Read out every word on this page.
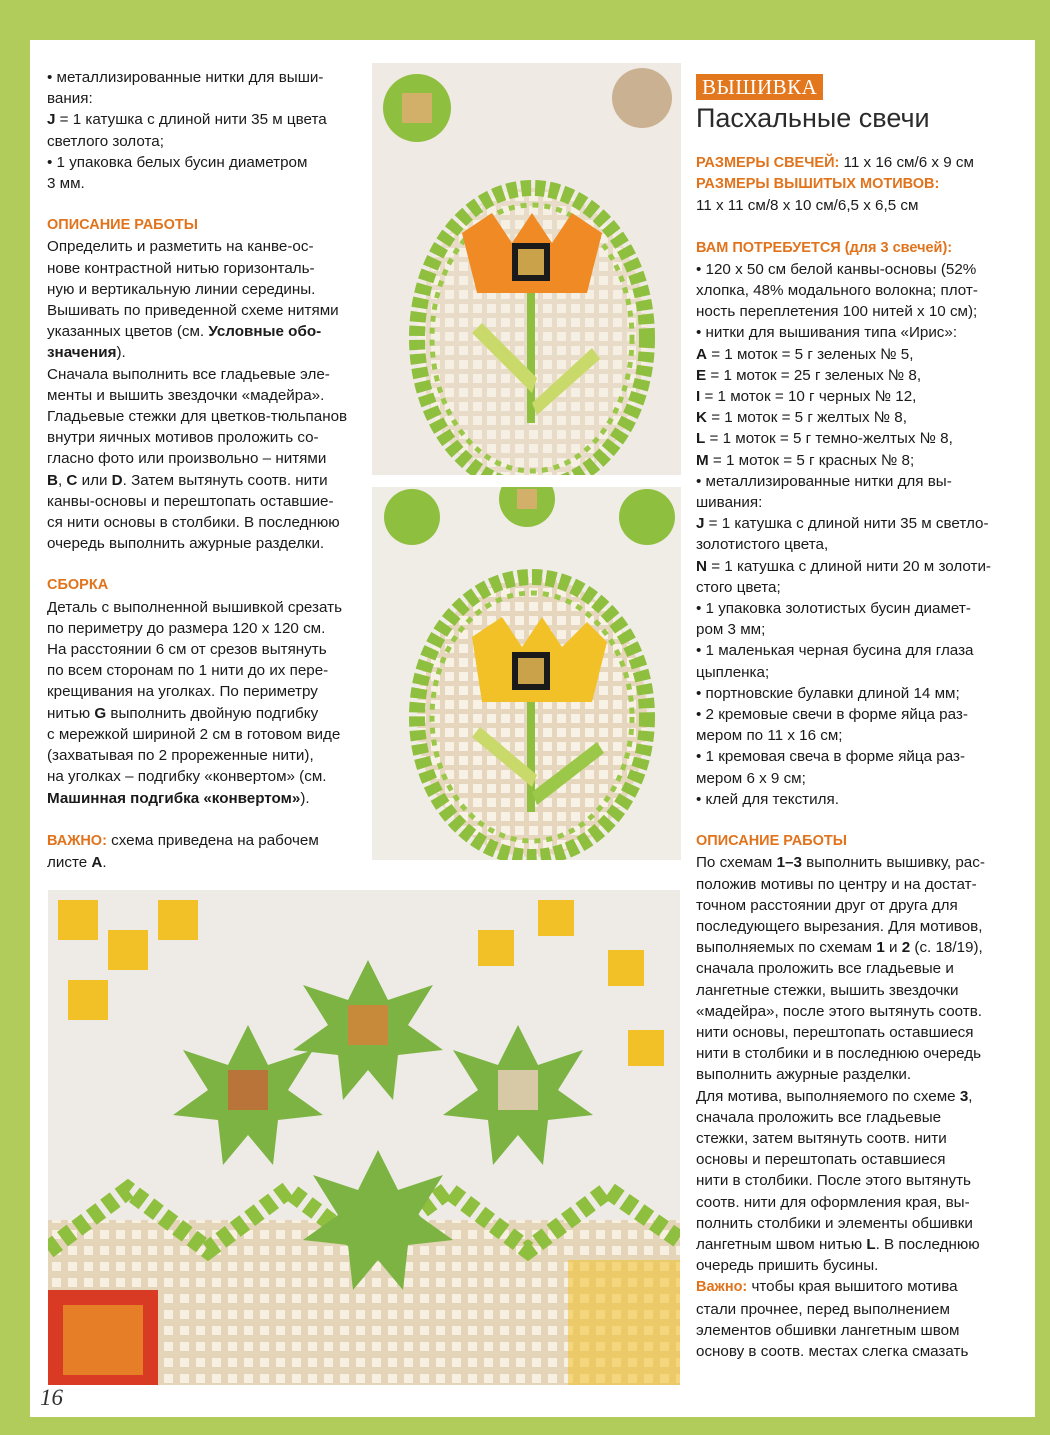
• металлизированные нитки для выши-

вания:

J = 1 катушка с длиной нити 35 м цвета

светлого золота;

• 1 упаковка белых бусин диаметром

3 мм.

ОПИСАНИЕ РАБОТЫ

Определить и разметить на канве-ос-

нове контрастной нитью горизонталь-

ную и вертикальную линии середины.

Вышивать по приведенной схеме нитями

указанных цветов (см. Условные обо-

значения).

Сначала выполнить все гладьевые эле-

менты и вышить звездочки «мадейра».

Гладьевые стежки для цветков-тюльпанов

внутри яичных мотивов проложить со-

гласно фото или произвольно – нитями

B, C или D. Затем вытянуть соотв. нити

канвы-основы и перештопать оставшие-

ся нити основы в столбики. В последнюю

очередь выполнить ажурные разделки.

СБОРКА

Деталь с выполненной вышивкой срезать

по периметру до размера 120 х 120 см.

На расстоянии 6 см от срезов вытянуть

по всем сторонам по 1 нити до их пере-

крещивания на уголках. По периметру

нитью G выполнить двойную подгибку

с мережкой шириной 2 см в готовом виде

(захватывая по 2 прореженные нити),

на уголках – подгибку «конвертом» (см.

Машинная подгибка «конвертом»).

ВАЖНО: схема приведена на рабочем

листе A.

ВЫШИВКА
Пасхальные свечи

РАЗМЕРЫ СВЕЧЕЙ: 11 х 16 см/6 х 9 см

РАЗМЕРЫ ВЫШИТЫХ МОТИВОВ:

11 х 11 см/8 х 10 см/6,5 х 6,5 см

ВАМ ПОТРЕБУЕТСЯ (для 3 свечей):

• 120 х 50 см белой канвы-основы (52%

хлопка, 48% модального волокна; плот-

ность переплетения 100 нитей х 10 см);

• нитки для вышивания типа «Ирис»:

A = 1 моток = 5 г зеленых № 5,

E = 1 моток = 25 г зеленых № 8,

I = 1 моток = 10 г черных № 12,

K = 1 моток = 5 г желтых № 8,

L = 1 моток = 5 г темно-желтых № 8,

M = 1 моток = 5 г красных № 8;

• металлизированные нитки для вы-

шивания:

J = 1 катушка с длиной нити 35 м светло-

золотистого цвета,

N = 1 катушка с длиной нити 20 м золоти-

стого цвета;

• 1 упаковка золотистых бусин диамет-

ром 3 мм;

• 1 маленькая черная бусина для глаза

цыпленка;

• портновские булавки длиной 14 мм;

• 2 кремовые свечи в форме яйца раз-

мером по 11 х 16 см;

• 1 кремовая свеча в форме яйца раз-

мером 6 х 9 см;

• клей для текстиля.

ОПИСАНИЕ РАБОТЫ

По схемам 1–3 выполнить вышивку, рас-

положив мотивы по центру и на достат-

точном расстоянии друг от друга для

последующего вырезания. Для мотивов,

выполняемых по схемам 1 и 2 (с. 18/19),

сначала проложить все гладьевые и

лангетные стежки, вышить звездочки

«мадейра», после этого вытянуть соотв.

нити основы, перештопать оставшиеся

нити в столбики и в последнюю очередь

выполнить ажурные разделки.

Для мотива, выполняемого по схеме 3,

сначала проложить все гладьевые

стежки, затем вытянуть соотв. нити

основы и перештопать оставшиеся

нити в столбики. После этого вытянуть

соотв. нити для оформления края, вы-

полнить столбики и элементы обшивки

лангетным швом нитью L. В последнюю

очередь пришить бусины.

Важно: чтобы края вышитого мотива

стали прочнее, перед выполнением

элементов обшивки лангетным швом

основу в соотв. местах слегка смазать

16
